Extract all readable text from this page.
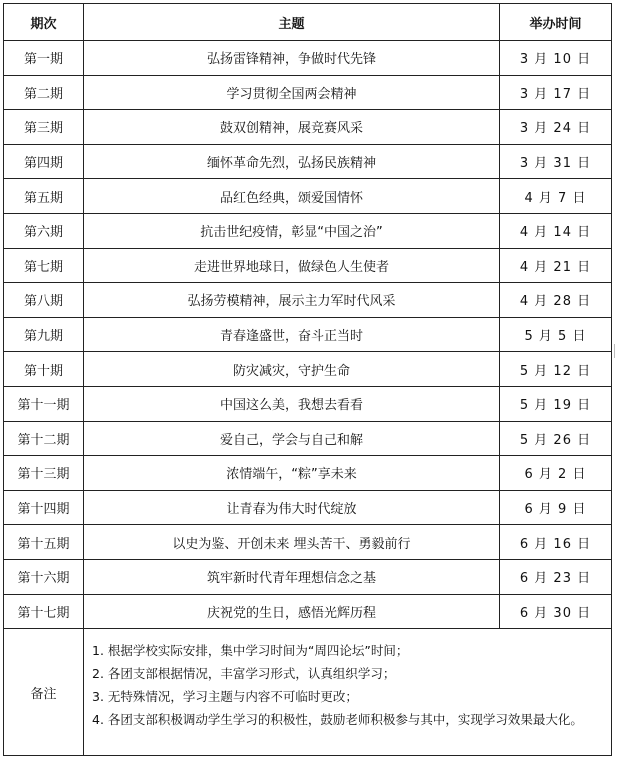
期次	主题	举办时间
第一期	弘扬雷锋精神，争做时代先锋	3 月 10 日
第二期	学习贯彻全国两会精神	3 月 17 日
第三期	鼓双创精神，展竞赛风采	3 月 24 日
第四期	缅怀革命先烈，弘扬民族精神	3 月 31 日
第五期	品红色经典，颂爱国情怀	4 月 7 日
第六期	抗击世纪疫情，彰显“中国之治”	4 月 14 日
第七期	走进世界地球日，做绿色人生使者	4 月 21 日
第八期	弘扬劳模精神，展示主力军时代风采	4 月 28 日
第九期	青春逢盛世，奋斗正当时	5 月 5 日
第十期	防灾减灾，守护生命	5 月 12 日
第十一期	中国这么美，我想去看看	5 月 19 日
第十二期	爱自己，学会与自己和解	5 月 26 日
第十三期	浓情端午，“粽”享未来	6 月 2 日
第十四期	让青春为伟大时代绽放	6 月 9 日
第十五期	以史为鉴、开创未来 埋头苦干、勇毅前行	6 月 16 日
第十六期	筑牢新时代青年理想信念之基	6 月 23 日
第十七期	庆祝党的生日，感悟光辉历程	6 月 30 日
备注	1. 根据学校实际安排，集中学习时间为“周四论坛”时间；
2. 各团支部根据情况，丰富学习形式，认真组织学习；
3. 无特殊情况，学习主题与内容不可临时更改；
4. 各团支部积极调动学生学习的积极性，鼓励老师积极参与其中，实现学习效果最大化。	
